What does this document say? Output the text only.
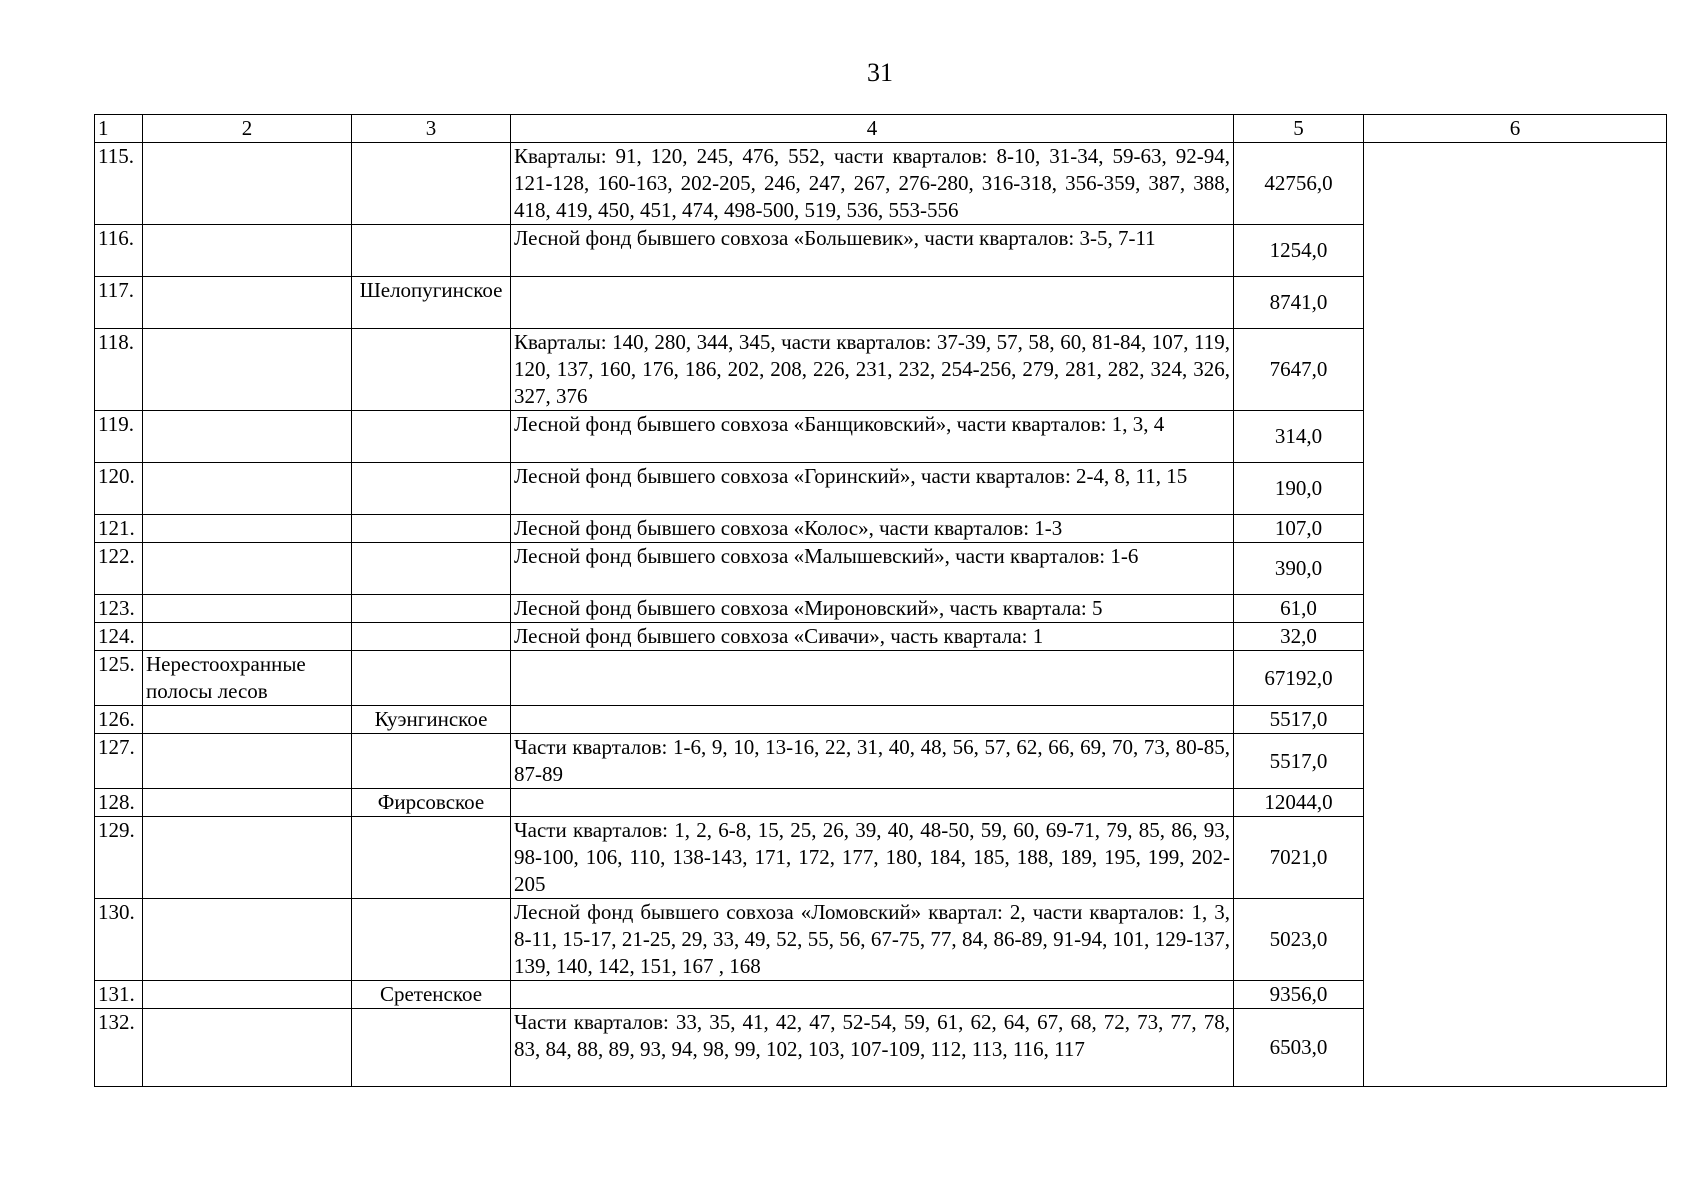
31
1	2	3	4	5	6
115.			Кварталы: 91, 120, 245, 476, 552, части кварталов: 8-10, 31-34, 59-63, 92-94, 121-128, 160-163, 202-205, 246, 247, 267, 276-280, 316-318, 356-359, 387, 388, 418, 419, 450, 451, 474, 498-500, 519, 536, 553-556	42756,0	
116.			Лесной фонд бывшего совхоза «Большевик», части кварталов: 3-5, 7-11	1254,0	
117.		Шелопугинское		8741,0	
118.			Кварталы: 140, 280, 344, 345, части кварталов: 37-39, 57, 58, 60, 81-84, 107, 119, 120, 137, 160, 176, 186, 202, 208, 226, 231, 232, 254-256, 279, 281, 282, 324, 326, 327, 376	7647,0	
119.			Лесной фонд бывшего совхоза «Банщиковский», части кварталов: 1, 3, 4	314,0	
120.			Лесной фонд бывшего совхоза «Горинский», части кварталов: 2-4, 8, 11, 15	190,0	
121.			Лесной фонд бывшего совхоза «Колос», части кварталов: 1-3	107,0	
122.			Лесной фонд бывшего совхоза «Малышевский», части кварталов: 1-6	390,0	
123.			Лесной фонд бывшего совхоза «Мироновский», часть квартала: 5	61,0	
124.			Лесной фонд бывшего совхоза «Сивачи», часть квартала: 1	32,0	
125.	Нерестоохранные полосы лесов			67192,0	
126.		Куэнгинское		5517,0	
127.			Части кварталов: 1-6, 9, 10, 13-16, 22, 31, 40, 48, 56, 57, 62, 66, 69, 70, 73, 80-85, 87-89	5517,0	
128.		Фирсовское		12044,0	
129.			Части кварталов: 1, 2, 6-8, 15, 25, 26, 39, 40, 48-50, 59, 60, 69-71, 79, 85, 86, 93, 98-100, 106, 110, 138-143, 171, 172, 177, 180, 184, 185, 188, 189, 195, 199, 202-205	7021,0	
130.			Лесной фонд бывшего совхоза «Ломовский» квартал: 2, части кварталов: 1, 3, 8-11, 15-17, 21-25, 29, 33, 49, 52, 55, 56, 67-75, 77, 84, 86-89, 91-94, 101, 129-137, 139, 140, 142, 151, 167 , 168	5023,0	
131.		Сретенское		9356,0	
132.			Части кварталов: 33, 35, 41, 42, 47, 52-54, 59, 61, 62, 64, 67, 68, 72, 73, 77, 78, 83, 84, 88, 89, 93, 94, 98, 99, 102, 103, 107-109, 112, 113, 116, 117	6503,0	
